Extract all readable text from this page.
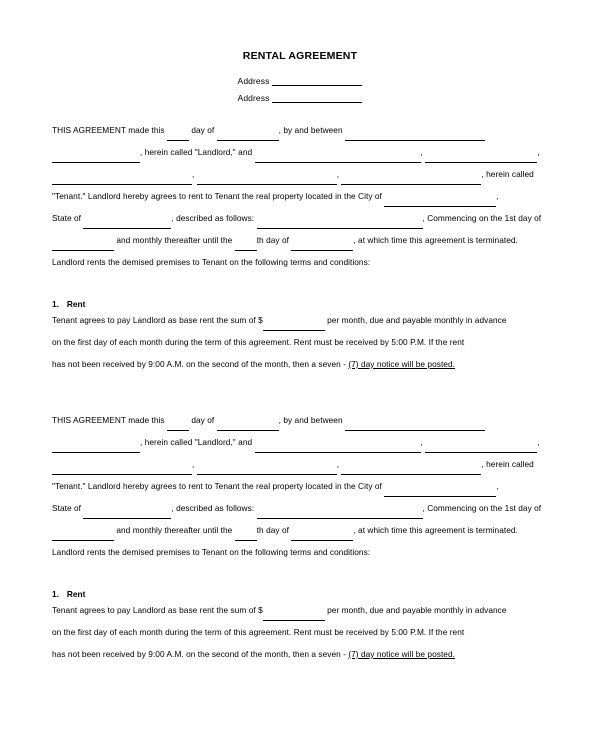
RENTAL AGREEMENT
Address
Address

THIS AGREEMENT made this	day of	, by and between

, herein called "Landlord," and	,	,

,	,	, herein called

"Tenant." Landlord hereby agrees to rent to Tenant the real property located in the City of	,

State of	, described as follows:	, Commencing on the 1st day of

and monthly thereafter until the	th day of	, at which time this agreement is terminated.

Landlord rents the demised premises to Tenant on the following terms and conditions:

1. Rent

Tenant agrees to pay Landlord as base rent the sum of $	per month, due and payable monthly in advance

on the first day of each month during the term of this agreement. Rent must be received by 5:00 P.M. If the rent

has not been received by 9:00 A.M. on the second of the month, then a seven - (7) day notice will be posted.

THIS AGREEMENT made this	day of	, by and between

, herein called "Landlord," and	,	,

,	,	, herein called

"Tenant." Landlord hereby agrees to rent to Tenant the real property located in the City of	,

State of	, described as follows:	, Commencing on the 1st day of

and monthly thereafter until the	th day of	, at which time this agreement is terminated.

Landlord rents the demised premises to Tenant on the following terms and conditions:

1. Rent

Tenant agrees to pay Landlord as base rent the sum of $	per month, due and payable monthly in advance

on the first day of each month during the term of this agreement. Rent must be received by 5:00 P.M. If the rent

has not been received by 9:00 A.M. on the second of the month, then a seven - (7) day notice will be posted.
